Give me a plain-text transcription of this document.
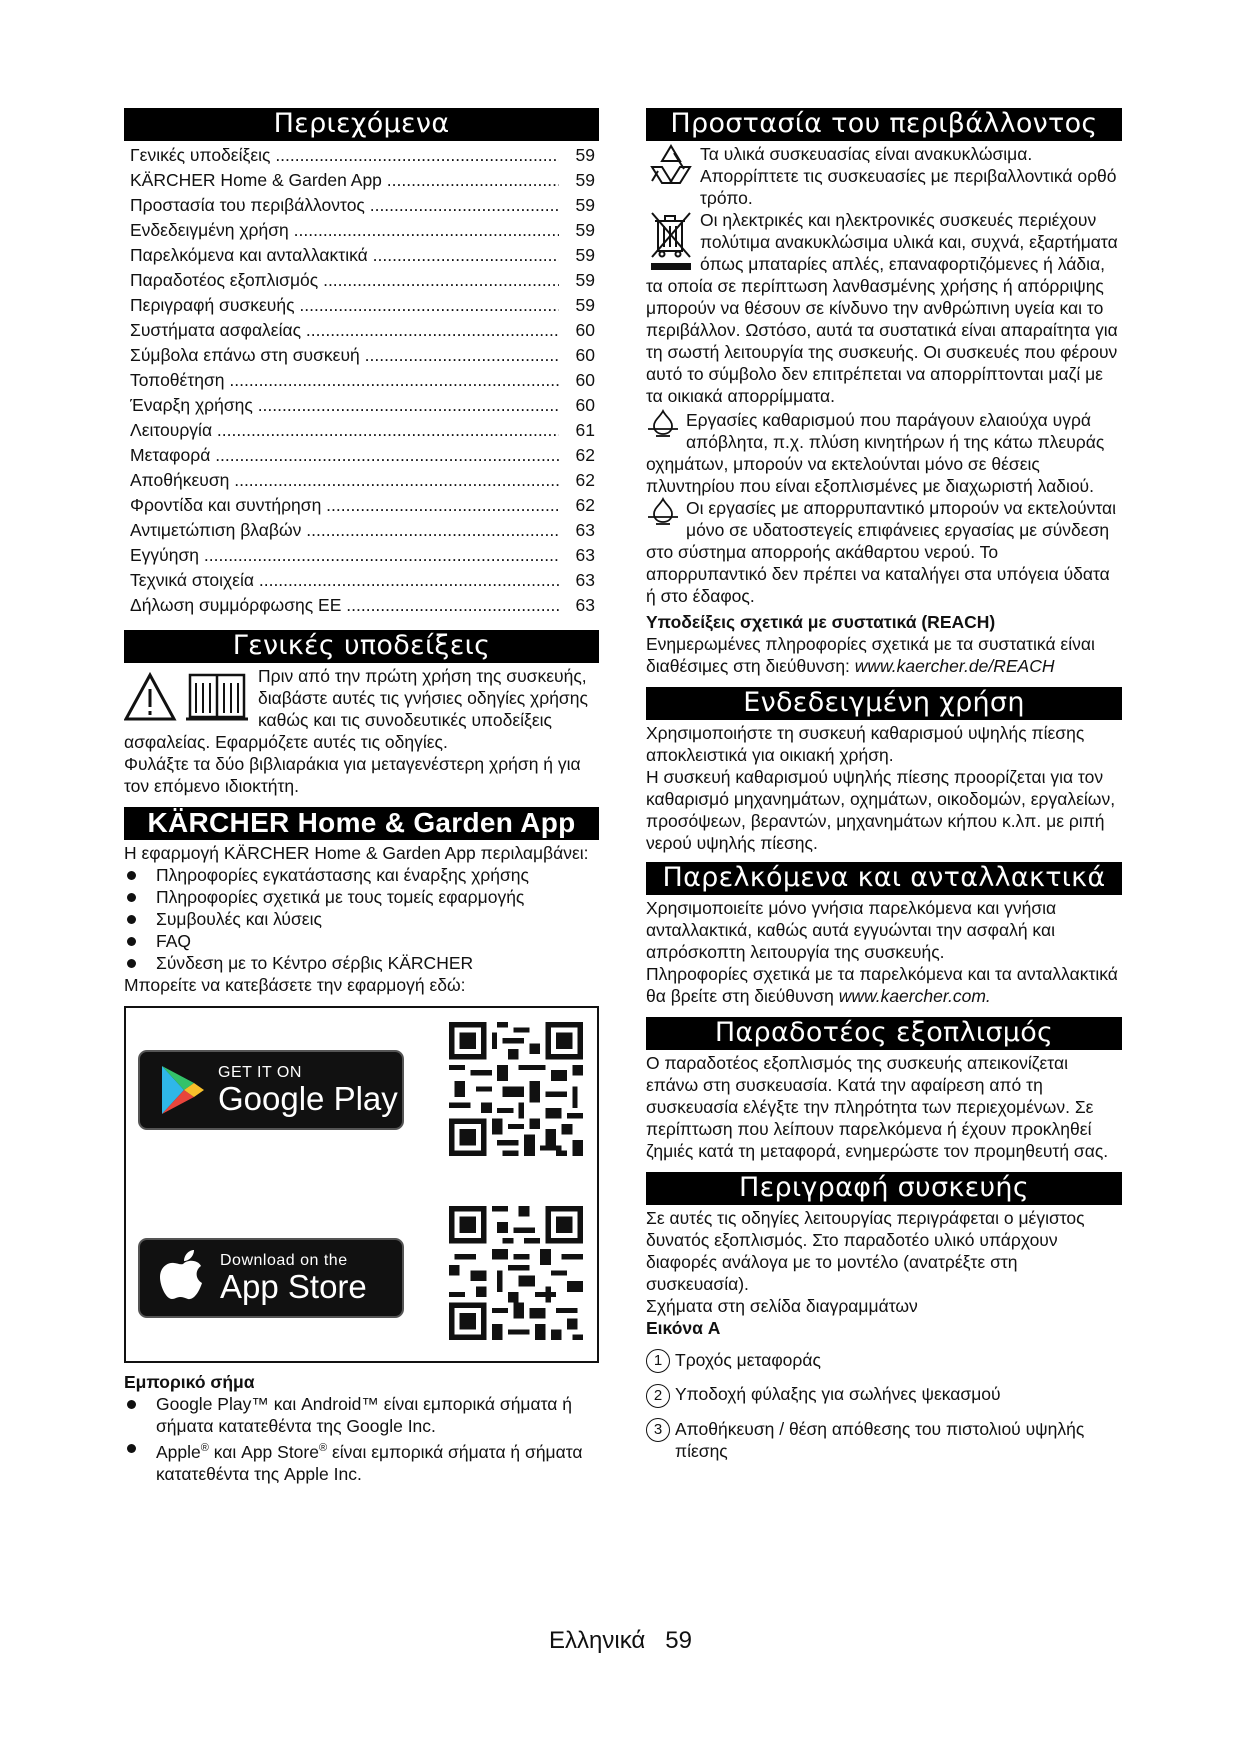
Περιεχόμενα
Γενικές υποδείξεις .....	59
KÄRCHER Home & Garden App .....	59
Προστασία του περιβάλλοντος .....	59
Ενδεδειγμένη χρήση .....	59
Παρελκόμενα και ανταλλακτικά .....	59
Παραδοτέος εξοπλισμός .....	59
Περιγραφή συσκευής .....	59
Συστήματα ασφαλείας .....	60
Σύμβολα επάνω στη συσκευή .....	60
Τοποθέτηση .....	60
Έναρξη χρήσης .....	60
Λειτουργία .....	61
Μεταφορά .....	62
Αποθήκευση .....	62
Φροντίδα και συντήρηση .....	62
Αντιμετώπιση βλαβών .....	63
Εγγύηση .....	63
Τεχνικά στοιχεία .....	63
Δήλωση συμμόρφωσης ΕΕ .....	63
Γενικές υποδείξεις

Πριν από την πρώτη χρήση της συσκευής, διαβάστε αυτές τις γνήσιες οδηγίες χρήσης καθώς και τις συνοδευτικές υποδείξεις ασφαλείας. Εφαρμόζετε αυτές τις οδηγίες.

Φυλάξτε τα δύο βιβλιαράκια για μεταγενέστερη χρήση ή για τον επόμενο ιδιοκτήτη.

KÄRCHER Home & Garden App

Η εφαρμογή KÄRCHER Home & Garden App περιλαμβάνει:

Πληροφορίες εγκατάστασης και έναρξης χρήσης
Πληροφορίες σχετικά με τους τομείς εφαρμογής
Συμβουλές και λύσεις
FAQ
Σύνδεση με το Κέντρο σέρβις KÄRCHER

Μπορείτε να κατεβάσετε την εφαρμογή εδώ:

GET IT ON
Google Play
Download on the
App Store

Εμπορικό σήμα

Google Play™ και Android™ είναι εμπορικά σήματα ή σήματα κατατεθέντα της Google Inc.
Apple® και App Store® είναι εμπορικά σήματα ή σήματα κατατεθέντα της Apple Inc.
Προστασία του περιβάλλοντος

Τα υλικά συσκευασίας είναι ανακυκλώσιμα. Απορρίπτετε τις συσκευασίες με περιβαλλοντικά ορθό τρόπο.

Οι ηλεκτρικές και ηλεκτρονικές συσκευές περιέχουν πολύτιμα ανακυκλώσιμα υλικά και, συχνά, εξαρτήματα όπως μπαταρίες απλές, επαναφορτιζόμενες ή λάδια, τα οποία σε περίπτωση λανθασμένης χρήσης ή απόρριψης μπορούν να θέσουν σε κίνδυνο την ανθρώπινη υγεία και το περιβάλλον. Ωστόσο, αυτά τα συστατικά είναι απαραίτητα για τη σωστή λειτουργία της συσκευής. Οι συσκευές που φέρουν αυτό το σύμβολο δεν επιτρέπεται να απορρίπτονται μαζί με τα οικιακά απορρίμματα.

Εργασίες καθαρισμού που παράγουν ελαιούχα υγρά απόβλητα, π.χ. πλύση κινητήρων ή της κάτω πλευράς οχημάτων, μπορούν να εκτελούνται μόνο σε θέσεις πλυντηρίου που είναι εξοπλισμένες με διαχωριστή λαδιού.

Οι εργασίες με απορρυπαντικό μπορούν να εκτελούνται μόνο σε υδατοστεγείς επιφάνειες εργασίας με σύνδεση στο σύστημα απορροής ακάθαρτου νερού. Το απορρυπαντικό δεν πρέπει να καταλήγει στα υπόγεια ύδατα ή στο έδαφος.

Υποδείξεις σχετικά με συστατικά (REACH)

Ενημερωμένες πληροφορίες σχετικά με τα συστατικά είναι διαθέσιμες στη διεύθυνση: www.kaercher.de/REACH

Ενδεδειγμένη χρήση

Χρησιμοποιήστε τη συσκευή καθαρισμού υψηλής πίεσης αποκλειστικά για οικιακή χρήση.

Η συσκευή καθαρισμού υψηλής πίεσης προορίζεται για τον καθαρισμό μηχανημάτων, οχημάτων, οικοδομών, εργαλείων, προσόψεων, βεραντών, μηχανημάτων κήπου κ.λπ. με ριπή νερού υψηλής πίεσης.

Παρελκόμενα και ανταλλακτικά

Χρησιμοποιείτε μόνο γνήσια παρελκόμενα και γνήσια ανταλλακτικά, καθώς αυτά εγγυώνται την ασφαλή και απρόσκοπτη λειτουργία της συσκευής.

Πληροφορίες σχετικά με τα παρελκόμενα και τα ανταλλακτικά θα βρείτε στη διεύθυνση www.kaercher.com.

Παραδοτέος εξοπλισμός

Ο παραδοτέος εξοπλισμός της συσκευής απεικονίζεται επάνω στη συσκευασία. Κατά την αφαίρεση από τη συσκευασία ελέγξτε την πληρότητα των περιεχομένων. Σε περίπτωση που λείπουν παρελκόμενα ή έχουν προκληθεί ζημιές κατά τη μεταφορά, ενημερώστε τον προμηθευτή σας.

Περιγραφή συσκευής

Σε αυτές τις οδηγίες λειτουργίας περιγράφεται ο μέγιστος δυνατός εξοπλισμός. Στο παραδοτέο υλικό υπάρχουν διαφορές ανάλογα με το μοντέλο (ανατρέξτε στη συσκευασία).

Σχήματα στη σελίδα διαγραμμάτων

Εικόνα A

1 Τροχός μεταφοράς
2 Υποδοχή φύλαξης για σωλήνες ψεκασμού
3 Αποθήκευση / θέση απόθεσης του πιστολιού υψηλής πίεσης
Ελληνικά 59
